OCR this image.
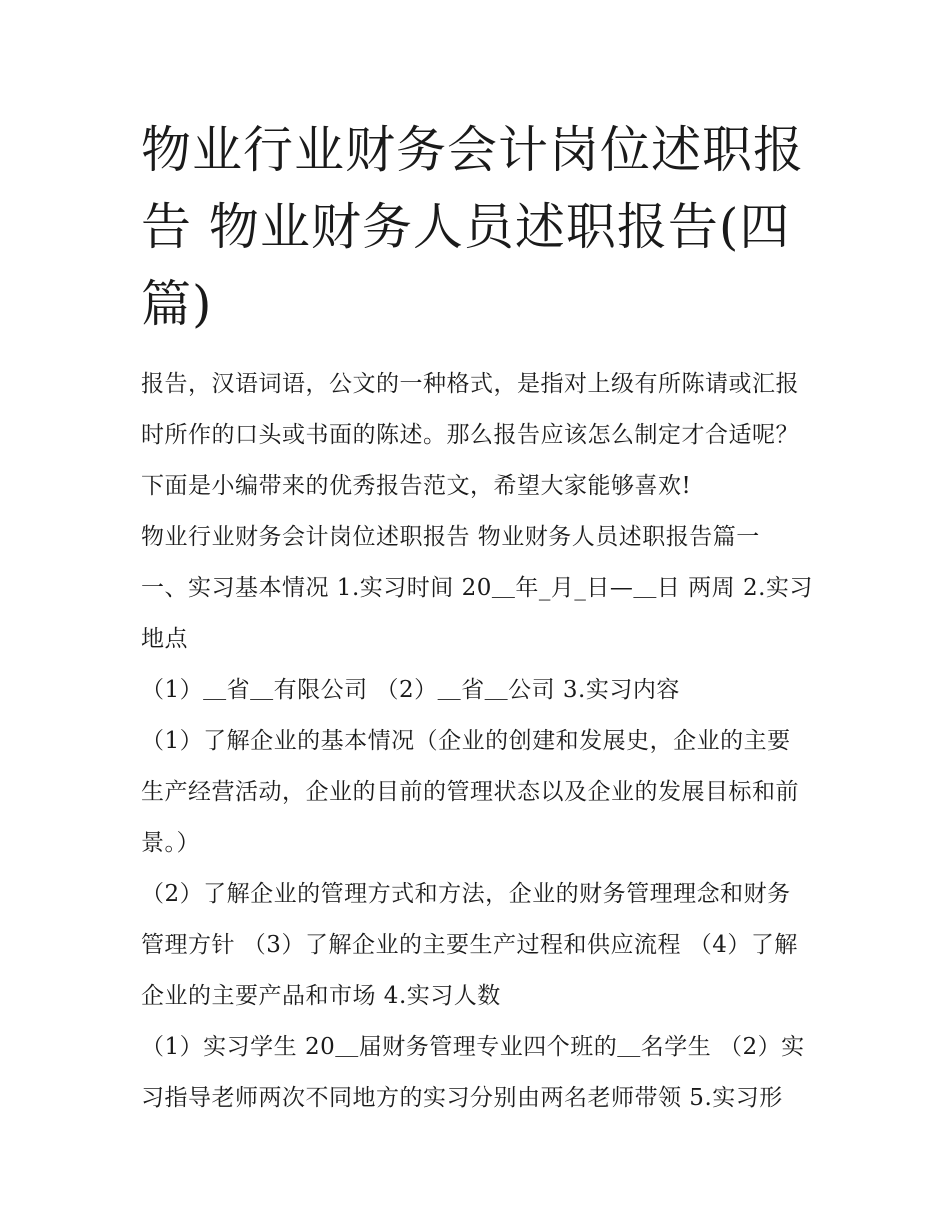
物业行业财务会计岗位述职报告 物业财务人员述职报告(四篇)

报告，汉语词语，公文的一种格式，是指对上级有所陈请或汇报时所作的口头或书面的陈述。那么报告应该怎么制定才合适呢？下面是小编带来的优秀报告范文，希望大家能够喜欢!

物业行业财务会计岗位述职报告 物业财务人员述职报告篇一

一、实习基本情况 1.实习时间 20＿年_月_日—＿日 两周 2.实习地点

（1）＿省＿有限公司 （2）＿省＿公司 3.实习内容

（1）了解企业的基本情况（企业的创建和发展史，企业的主要生产经营活动，企业的目前的管理状态以及企业的发展目标和前景。）

（2）了解企业的管理方式和方法，企业的财务管理理念和财务管理方针 （3）了解企业的主要生产过程和供应流程 （4）了解企业的主要产品和市场 4.实习人数

（1）实习学生 20＿届财务管理专业四个班的＿名学生 （2）实习指导老师两次不同地方的实习分别由两名老师带领 5.实习形
